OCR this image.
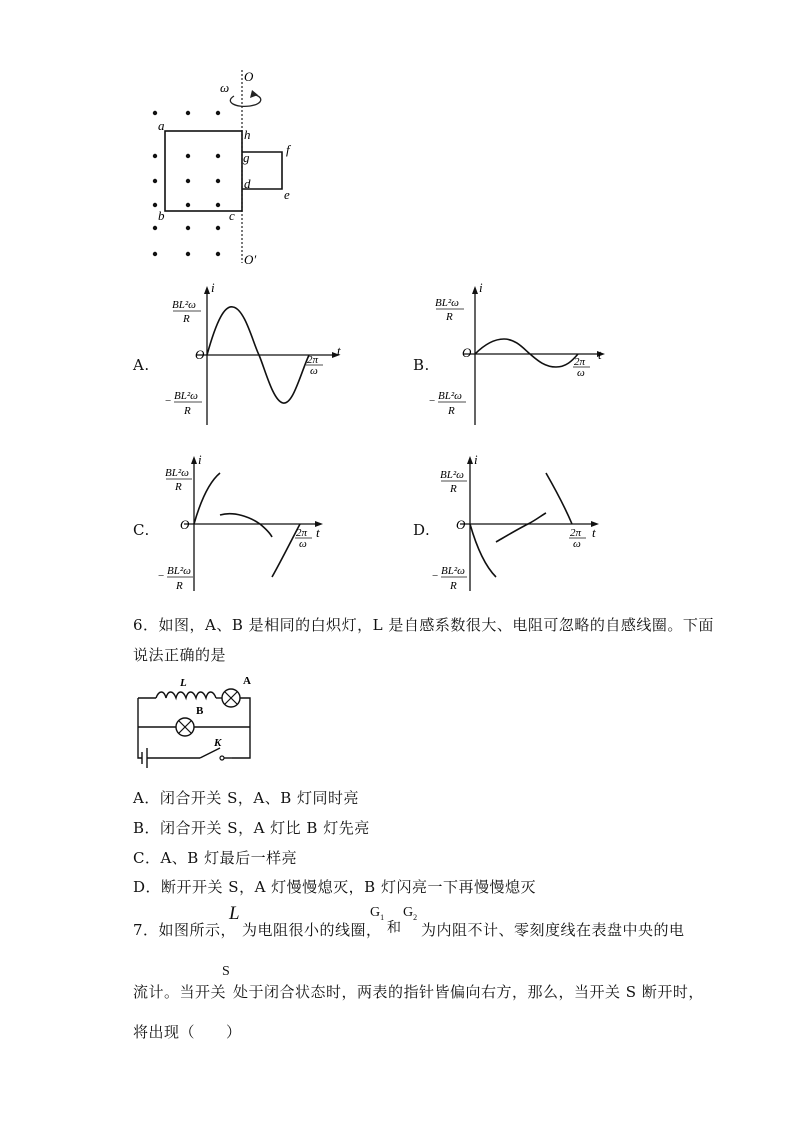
O
ω
a
h
g
f
d
e
b	c
O′
A.
i
t
O
BL²ω
R
− BL²ω
R
2π
ω	B.
i
t
O
BL²ω
R
− BL²ω
R
2π
ω
C.
i
t
O
BL²ω
R
− BL²ω
R
2π
ω
D.
i
t
O
BL²ω
R
− BL²ω
R
2π
ω
6．如图，A、B 是相同的白炽灯，L 是自感系数很大、电阻可忽略的自感线圈。下面
说法正确的是
L	A
B
K
A．闭合开关 S，A、B 灯同时亮
B．闭合开关 S，A 灯比 B 灯先亮
C．A、B 灯最后一样亮
D．断开开关 S，A 灯慢慢熄灭，B 灯闪亮一下再慢慢熄灭
7．如图所示，
L
为电阻很小的线圈，
$G_1$
和
$G_2$
为内阻不计、零刻度线在表盘中央的电
流计。当开关
S
处于闭合状态时，两表的指针皆偏向右方，那么，当开关 S 断开时，
将出现（　　）
